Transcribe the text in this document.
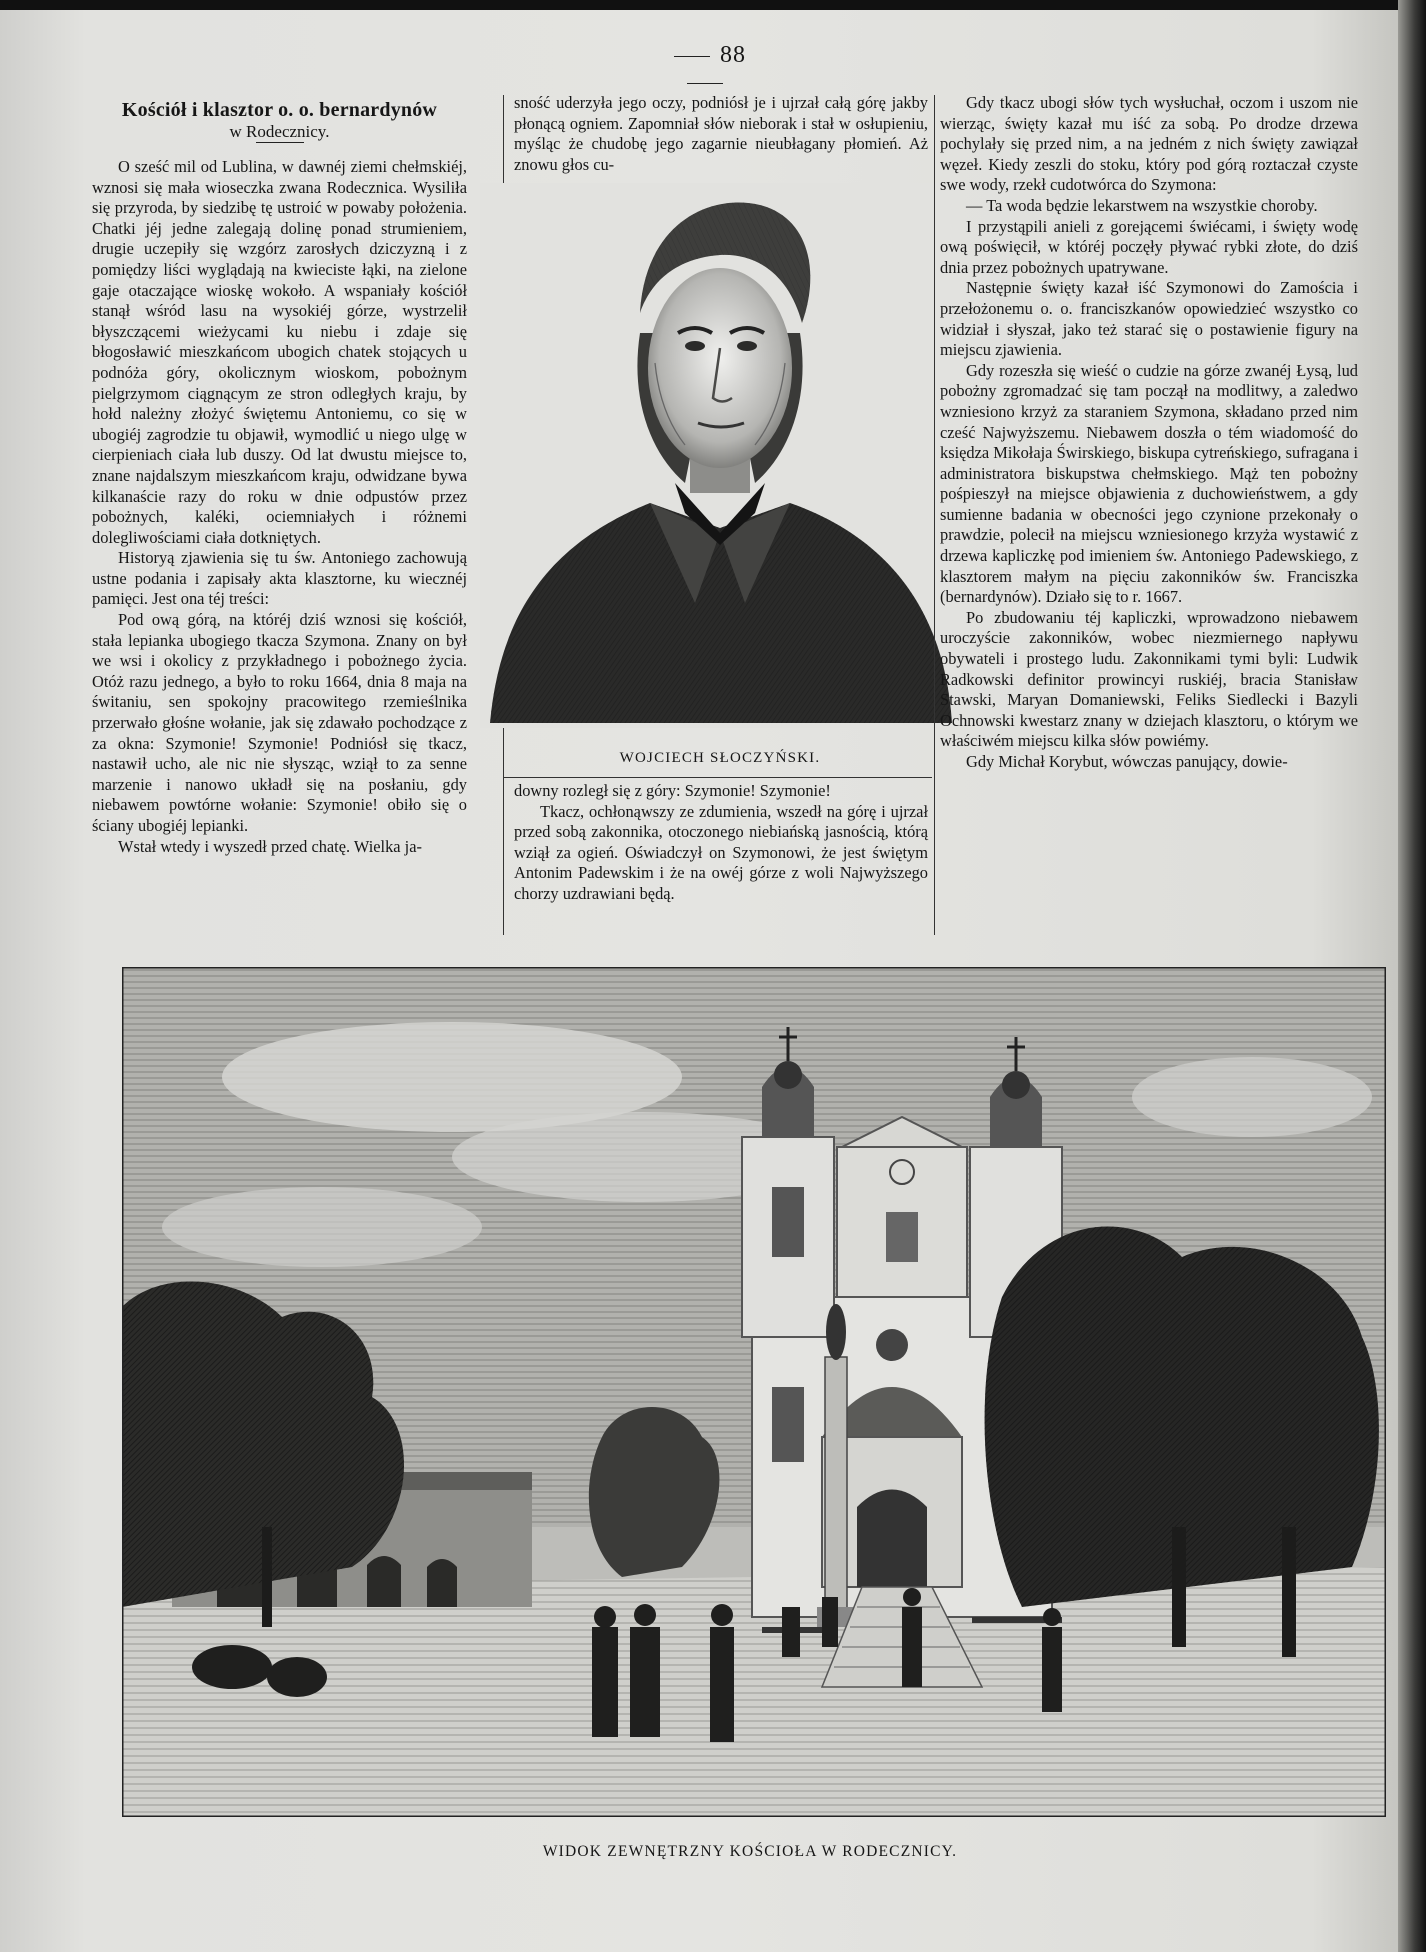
88

Kościół i klasztor o. o. bernardynów

w Rodecznicy.

O sześć mil od Lublina, w dawnéj ziemi chełmskiéj, wznosi się mała wioseczka zwana Rodecznica. Wysiliła się przyroda, by siedzibę tę ustroić w powaby położenia. Chatki jéj jedne zalegają dolinę ponad strumieniem, drugie uczepiły się wzgórz zarosłych dziczyzną i z pomiędzy liści wyglądają na kwieciste łąki, na zielone gaje otaczające wioskę wokoło. A wspaniały kościół stanął wśród lasu na wysokiéj górze, wystrzelił błyszczącemi wieżycami ku niebu i zdaje się błogosławić mieszkańcom ubogich chatek stojących u podnóża góry, okolicznym wioskom, pobożnym pielgrzymom ciągnącym ze stron odległych kraju, by hołd należny złożyć świętemu Antoniemu, co się w ubogiéj zagrodzie tu objawił, wymodlić u niego ulgę w cierpieniach ciała lub duszy. Od lat dwustu miejsce to, znane najdalszym mieszkańcom kraju, odwidzane bywa kilkanaście razy do roku w dnie odpustów przez pobożnych, kaléki, ociemniałych i różnemi dolegliwościami ciała dotkniętych.

Historyą zjawienia się tu św. Antoniego zachowują ustne podania i zapisały akta klasztorne, ku wiecznéj pamięci. Jest ona téj treści:

Pod ową górą, na któréj dziś wznosi się kościół, stała lepianka ubogiego tkacza Szymona. Znany on był we wsi i okolicy z przykładnego i pobożnego życia. Otóż razu jednego, a było to roku 1664, dnia 8 maja na świtaniu, sen spokojny pracowitego rzemieślnika przerwało głośne wołanie, jak się zdawało pochodzące z za okna: Szymonie! Szymonie! Podniósł się tkacz, nastawił ucho, ale nic nie słysząc, wziął to za senne marzenie i nanowo układł się na posłaniu, gdy niebawem powtórne wołanie: Szymonie! obiło się o ściany ubogiéj lepianki.

Wstał wtedy i wyszedł przed chatę. Wielka ja-

sność uderzyła jego oczy, podniósł je i ujrzał całą górę jakby płonącą ogniem. Zapomniał słów nieborak i stał w osłupieniu, myśląc że chudobę jego zagarnie nieubłagany płomień. Aż znowu głos cu-

WOJCIECH SŁOCZYŃSKI.

downy rozległ się z góry: Szymonie! Szymonie!

Tkacz, ochłonąwszy ze zdumienia, wszedł na górę i ujrzał przed sobą zakonnika, otoczonego niebiańską jasnością, którą wziął za ogień. Oświadczył on Szymonowi, że jest świętym Antonim Padewskim i że na owéj górze z woli Najwyższego chorzy uzdrawiani będą.

Gdy tkacz ubogi słów tych wysłuchał, oczom i uszom nie wierząc, święty kazał mu iść za sobą. Po drodze drzewa pochylały się przed nim, a na jedném z nich święty zawiązał węzeł. Kiedy zeszli do stoku, który pod górą roztaczał czyste swe wody, rzekł cudotwórca do Szymona:

— Ta woda będzie lekarstwem na wszystkie choroby.

I przystąpili anieli z gorejącemi świécami, i święty wodę ową poświęcił, w któréj poczęły pływać rybki złote, do dziś dnia przez pobożnych upatrywane.

Następnie święty kazał iść Szymonowi do Zamościa i przełożonemu o. o. franciszkanów opowiedzieć wszystko co widział i słyszał, jako też starać się o postawienie figury na miejscu zjawienia.

Gdy rozeszła się wieść o cudzie na górze zwanéj Łysą, lud pobożny zgromadzać się tam począł na modlitwy, a zaledwo wzniesiono krzyż za staraniem Szymona, składano przed nim cześć Najwyższemu. Niebawem doszła o tém wiadomość do księdza Mikołaja Świrskiego, biskupa cytreńskiego, sufragana i administratora biskupstwa chełmskiego. Mąż ten pobożny pośpieszył na miejsce objawienia z duchowieństwem, a gdy sumienne badania w obecności jego czynione przekonały o prawdzie, polecił na miejscu wzniesionego krzyża wystawić z drzewa kapliczkę pod imieniem św. Antoniego Padewskiego, z klasztorem małym na pięciu zakonników św. Franciszka (bernardynów). Działo się to r. 1667.

Po zbudowaniu téj kapliczki, wprowadzono niebawem uroczyście zakonników, wobec niezmiernego napływu obywateli i prostego ludu. Zakonnikami tymi byli: Ludwik Radkowski definitor prowincyi ruskiéj, bracia Stanisław Stawski, Maryan Domaniewski, Feliks Siedlecki i Bazyli Ochnowski kwestarz znany w dziejach klasztoru, o którym we właściwém miejscu kilka słów powiémy.

Gdy Michał Korybut, wówczas panujący, dowie-

WIDOK ZEWNĘTRZNY KOŚCIOŁA W RODECZNICY.
